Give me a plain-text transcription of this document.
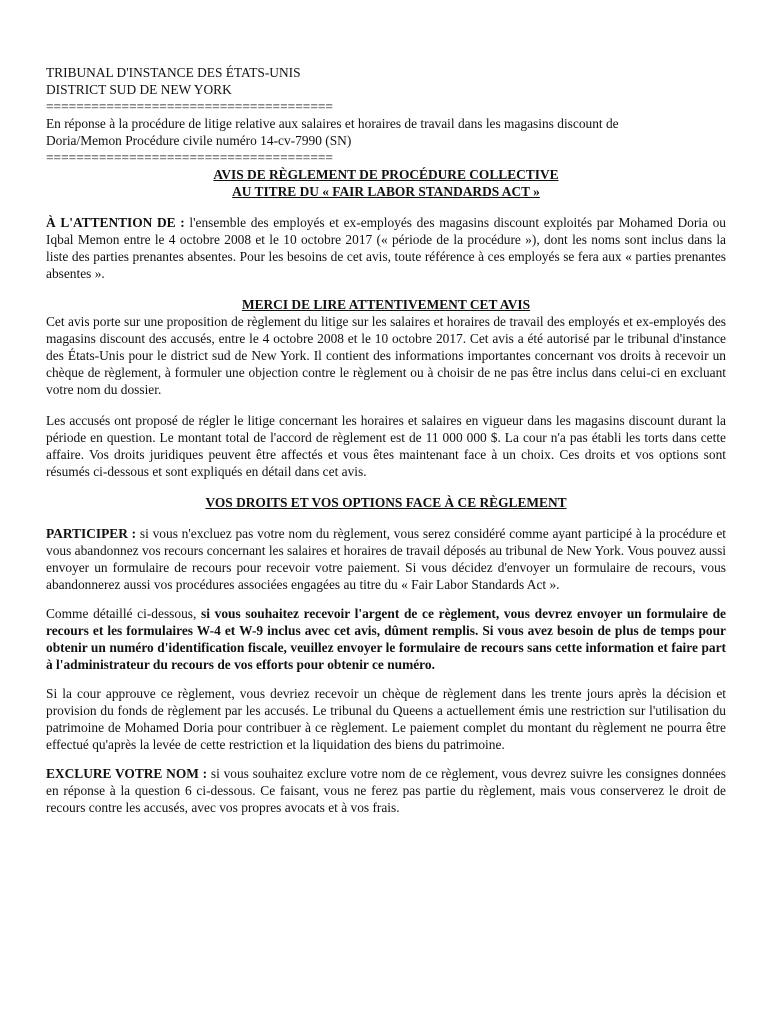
TRIBUNAL D'INSTANCE DES ÉTATS-UNIS
DISTRICT SUD DE NEW YORK
======================================
En réponse à la procédure de litige relative aux salaires et horaires de travail dans les magasins discount de
Doria/Memon Procédure civile numéro 14-cv-7990 (SN)
======================================
AVIS DE RÈGLEMENT DE PROCÉDURE COLLECTIVE
AU TITRE DU « FAIR LABOR STANDARDS ACT »

À L'ATTENTION DE : l'ensemble des employés et ex-employés des magasins discount exploités par Mohamed Doria ou Iqbal Memon entre le 4 octobre 2008 et le 10 octobre 2017 (« période de la procédure »), dont les noms sont inclus dans la liste des parties prenantes absentes. Pour les besoins de cet avis, toute référence à ces employés se fera aux « parties prenantes absentes ».

MERCI DE LIRE ATTENTIVEMENT CET AVIS

Cet avis porte sur une proposition de règlement du litige sur les salaires et horaires de travail des employés et ex-employés des magasins discount des accusés, entre le 4 octobre 2008 et le 10 octobre 2017. Cet avis a été autorisé par le tribunal d'instance des États-Unis pour le district sud de New York. Il contient des informations importantes concernant vos droits à recevoir un chèque de règlement, à formuler une objection contre le règlement ou à choisir de ne pas être inclus dans celui-ci en excluant votre nom du dossier.

Les accusés ont proposé de régler le litige concernant les horaires et salaires en vigueur dans les magasins discount durant la période en question. Le montant total de l'accord de règlement est de 11 000 000 $. La cour n'a pas établi les torts dans cette affaire. Vos droits juridiques peuvent être affectés et vous êtes maintenant face à un choix. Ces droits et vos options sont résumés ci-dessous et sont expliqués en détail dans cet avis.

VOS DROITS ET VOS OPTIONS FACE À CE RÈGLEMENT

PARTICIPER : si vous n'excluez pas votre nom du règlement, vous serez considéré comme ayant participé à la procédure et vous abandonnez vos recours concernant les salaires et horaires de travail déposés au tribunal de New York. Vous pouvez aussi envoyer un formulaire de recours pour recevoir votre paiement. Si vous décidez d'envoyer un formulaire de recours, vous abandonnerez aussi vos procédures associées engagées au titre du « Fair Labor Standards Act ».

Comme détaillé ci-dessous, si vous souhaitez recevoir l'argent de ce règlement, vous devrez envoyer un formulaire de recours et les formulaires W-4 et W-9 inclus avec cet avis, dûment remplis. Si vous avez besoin de plus de temps pour obtenir un numéro d'identification fiscale, veuillez envoyer le formulaire de recours sans cette information et faire part à l'administrateur du recours de vos efforts pour obtenir ce numéro.

Si la cour approuve ce règlement, vous devriez recevoir un chèque de règlement dans les trente jours après la décision et provision du fonds de règlement par les accusés. Le tribunal du Queens a actuellement émis une restriction sur l'utilisation du patrimoine de Mohamed Doria pour contribuer à ce règlement. Le paiement complet du montant du règlement ne pourra être effectué qu'après la levée de cette restriction et la liquidation des biens du patrimoine.

EXCLURE VOTRE NOM : si vous souhaitez exclure votre nom de ce règlement, vous devrez suivre les consignes données en réponse à la question 6 ci-dessous. Ce faisant, vous ne ferez pas partie du règlement, mais vous conserverez le droit de recours contre les accusés, avec vos propres avocats et à vos frais.
